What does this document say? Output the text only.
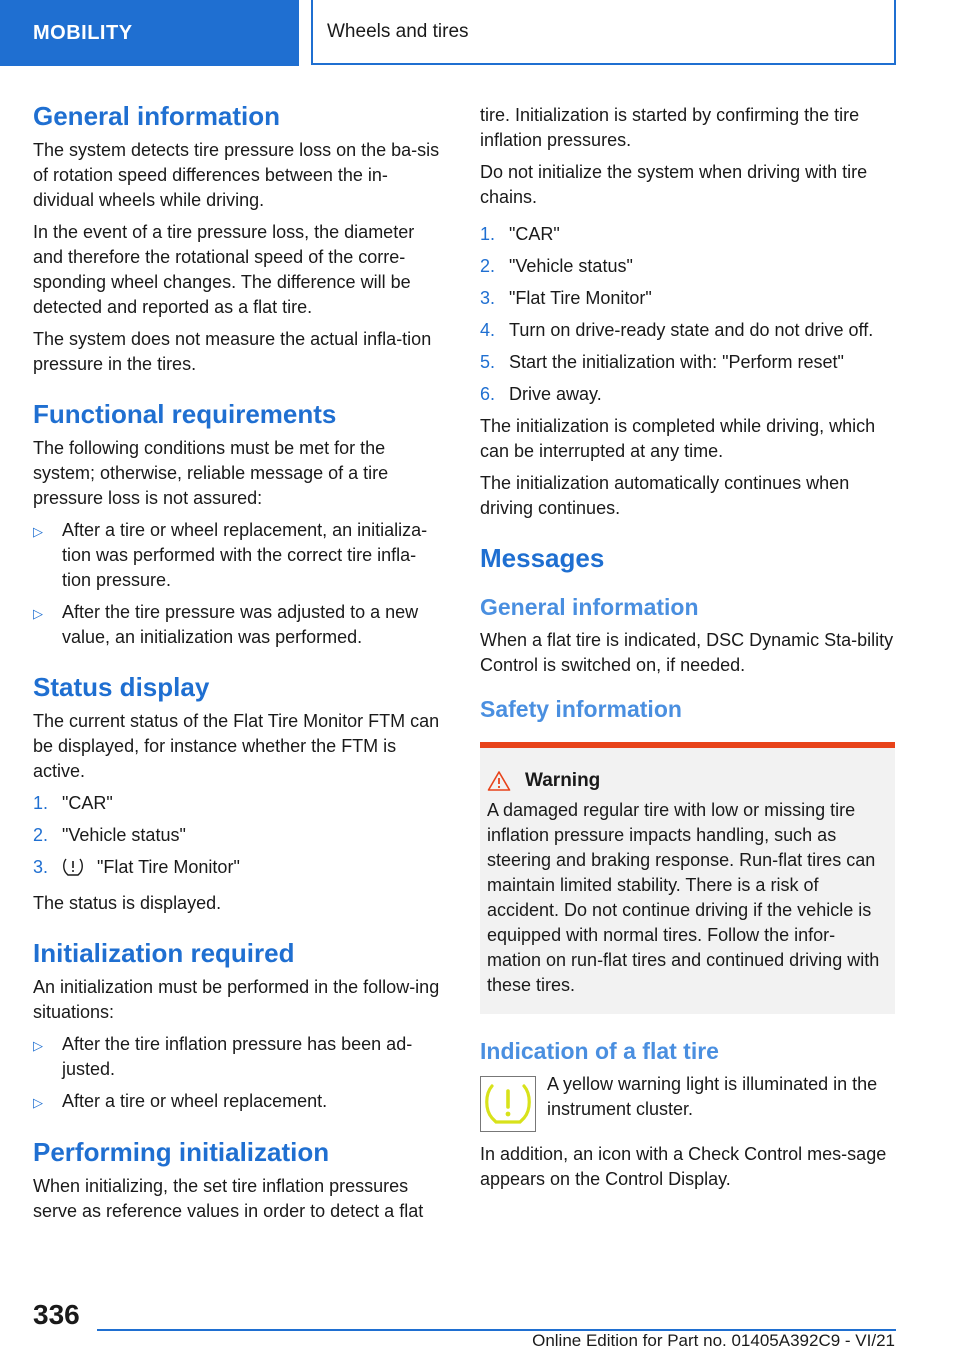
MOBILITY	Wheels and tires
General information

The system detects tire pressure loss on the ba-sis of rotation speed differences between the in-dividual wheels while driving.

In the event of a tire pressure loss, the diameter and therefore the rotational speed of the corre-sponding wheel changes. The difference will be detected and reported as a flat tire.

The system does not measure the actual infla-tion pressure in the tires.

Functional requirements

The following conditions must be met for the system; otherwise, reliable message of a tire pressure loss is not assured:

▷	After a tire or wheel replacement, an initializa-tion was performed with the correct tire infla-tion pressure.
▷	After the tire pressure was adjusted to a new value, an initialization was performed.
Status display

The current status of the Flat Tire Monitor FTM can be displayed, for instance whether the FTM is active.

1. "CAR"
2. "Vehicle status"
3.	"Flat Tire Monitor"

The status is displayed.

Initialization required

An initialization must be performed in the follow-ing situations:

▷	After the tire inflation pressure has been ad-justed.
▷	After a tire or wheel replacement.
Performing initialization

When initializing, the set tire inflation pressures serve as reference values in order to detect a flat

tire. Initialization is started by confirming the tire inflation pressures.

Do not initialize the system when driving with tire chains.

1. "CAR"
2. "Vehicle status"
3. "Flat Tire Monitor"
4. Turn on drive-ready state and do not drive off.
5. Start the initialization with: "Perform reset"
6. Drive away.

The initialization is completed while driving, which can be interrupted at any time.

The initialization automatically continues when driving continues.

Messages
General information

When a flat tire is indicated, DSC Dynamic Sta-bility Control is switched on, if needed.

Safety information
Warning
A damaged regular tire with low or missing tire inflation pressure impacts handling, such as steering and braking response. Run-flat tires can maintain limited stability. There is a risk of accident. Do not continue driving if the vehicle is equipped with normal tires. Follow the infor-mation on run-flat tires and continued driving with these tires.
Indication of a flat tire
A yellow warning light is illuminated in the instrument cluster.

In addition, an icon with a Check Control mes-sage appears on the Control Display.

336
Online Edition for Part no. 01405A392C9 - VI/21
